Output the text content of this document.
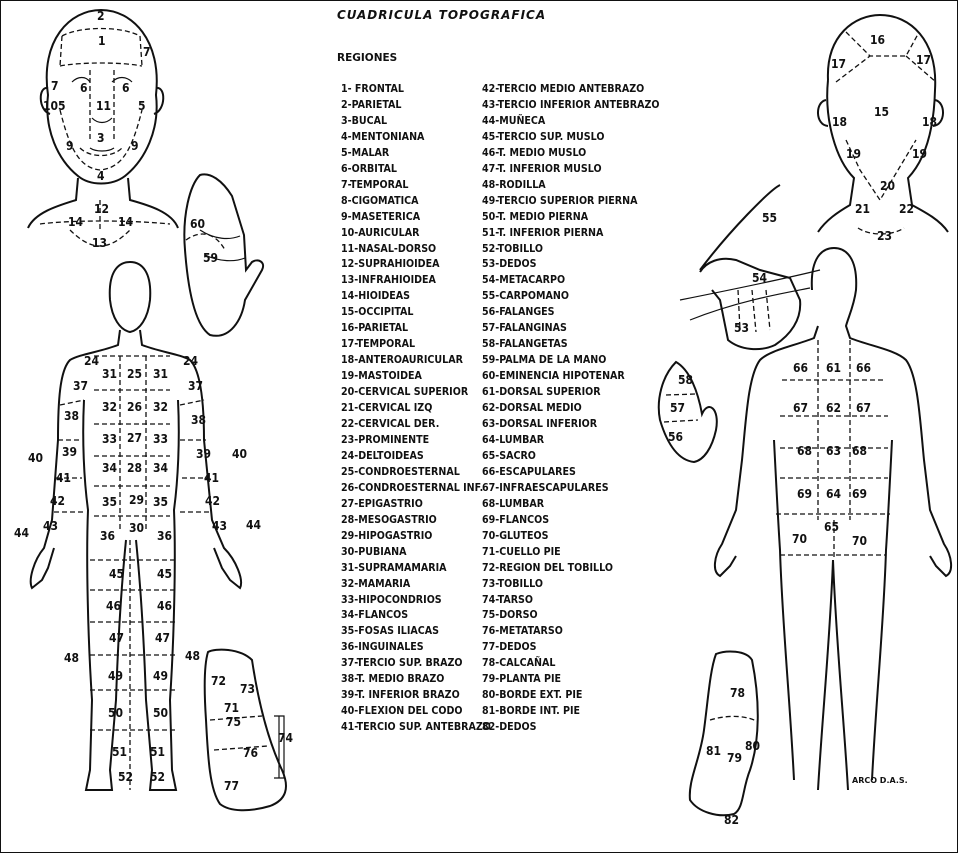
CUADRICULA TOPOGRAFICA
REGIONES
1- FRONTAL
2-PARIETAL
3-BUCAL
4-MENTONIANA
5-MALAR
6-ORBITAL
7-TEMPORAL
8-CIGOMATICA
9-MASETERICA
10-AURICULAR
11-NASAL-DORSO
12-SUPRAHIOIDEA
13-INFRAHIOIDEA
14-HIOIDEAS
15-OCCIPITAL
16-PARIETAL
17-TEMPORAL
18-ANTEROAURICULAR
19-MASTOIDEA
20-CERVICAL SUPERIOR
21-CERVICAL IZQ
22-CERVICAL DER.
23-PROMINENTE
24-DELTOIDEAS
25-CONDROESTERNAL
26-CONDROESTERNAL INF.
27-EPIGASTRIO
28-MESOGASTRIO
29-HIPOGASTRIO
30-PUBIANA
31-SUPRAMAMARIA
32-MAMARIA
33-HIPOCONDRIOS
34-FLANCOS
35-FOSAS ILIACAS
36-INGUINALES
37-TERCIO SUP. BRAZO
38-T. MEDIO BRAZO
39-T. INFERIOR BRAZO
40-FLEXION DEL CODO
41-TERCIO SUP. ANTEBRAZO
42-TERCIO MEDIO ANTEBRAZO
43-TERCIO INFERIOR ANTEBRAZO
44-MUÑECA
45-TERCIO SUP. MUSLO
46-T. MEDIO MUSLO
47-T. INFERIOR MUSLO
48-RODILLA
49-TERCIO SUPERIOR PIERNA
50-T. MEDIO PIERNA
51-T. INFERIOR PIERNA
52-TOBILLO
53-DEDOS
54-METACARPO
55-CARPOMANO
56-FALANGES
57-FALANGINAS
58-FALANGETAS
59-PALMA DE LA MANO
60-EMINENCIA HIPOTENAR
61-DORSAL SUPERIOR
62-DORSAL MEDIO
63-DORSAL INFERIOR
64-LUMBAR
65-SACRO
66-ESCAPULARES
67-INFRAESCAPULARES
68-LUMBAR
69-FLANCOS
70-GLUTEOS
71-CUELLO PIE
72-REGION DEL TOBILLO
73-TOBILLO
74-TARSO
75-DORSO
76-METATARSO
77-DEDOS
78-CALCAÑAL
79-PLANTA PIE
80-BORDE EXT. PIE
81-BORDE INT. PIE
82-DEDOS
ARCO D.A.S.
2
1
7
7
6	6
10 5	5
11
3
9	9
4
12
14	14
13
60
59
24	24
31 25 31
37	37
32 26 32
38	38
33 27 33
39	39
40	40
34 28 34
41	41
35 29 35
42	42
43	43
44
44
30
36	36
45	45
46	46
47	47
48	48
49 49
50 50
51 51
52 52
72
73
71
75
74
76
77
16
17	17
15
18	18
19	19
20
21 22
23
55
54
53
58
57
56
66 61 66
67 62 67
68 63 68
69 64 69
65
70	70
78
81 79
80
82
